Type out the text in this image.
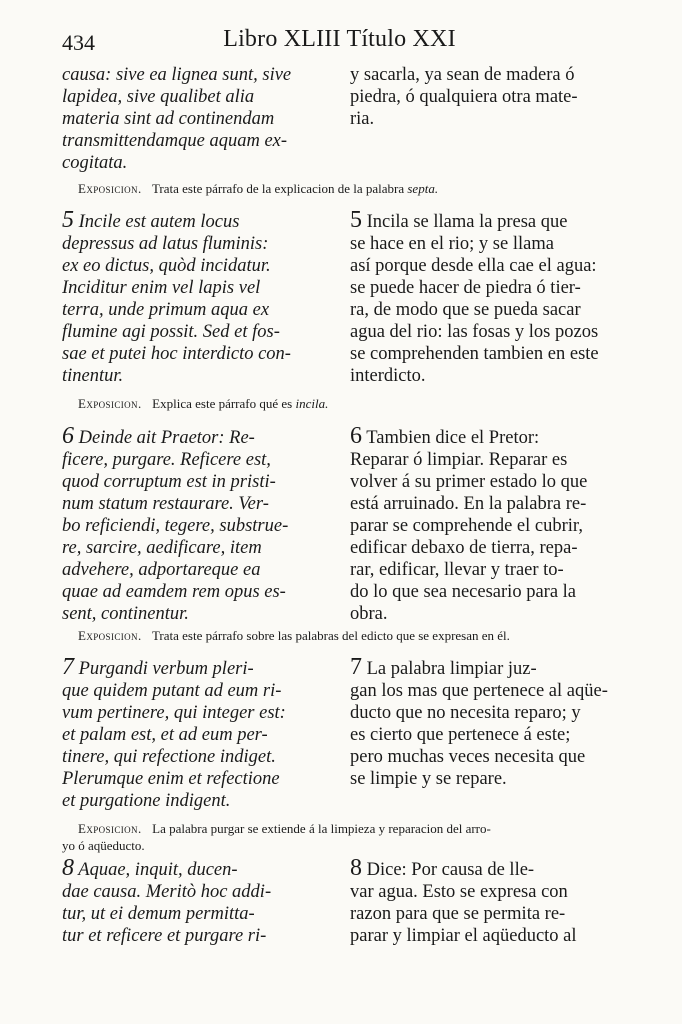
434	Libro XLIII Título XXI
causa: sive ea lignea sunt, sive
lapidea, sive qualibet alia
materia sint ad continendam
transmittendamque aquam ex-
cogitata.
y sacarla, ya sean de madera ó
piedra, ó qualquiera otra mate-
ria.
Exposicion. Trata este párrafo de la explicacion de la palabra septa.
5 Incile est autem locus
depressus ad latus fluminis:
ex eo dictus, quòd incidatur.
Inciditur enim vel lapis vel
terra, unde primum aqua ex
flumine agi possit. Sed et fos-
sae et putei hoc interdicto con-
tinentur.
5 Incila se llama la presa que
se hace en el rio; y se llama
así porque desde ella cae el agua:
se puede hacer de piedra ó tier-
ra, de modo que se pueda sacar
agua del rio: las fosas y los pozos
se comprehenden tambien en este
interdicto.
Exposicion. Explica este párrafo qué es incila.
6 Deinde ait Praetor: Re-
ficere, purgare. Reficere est,
quod corruptum est in pristi-
num statum restaurare. Ver-
bo reficiendi, tegere, substrue-
re, sarcire, aedificare, item
advehere, adportareque ea
quae ad eamdem rem opus es-
sent, continentur.
6 Tambien dice el Pretor:
Reparar ó limpiar. Reparar es
volver á su primer estado lo que
está arruinado. En la palabra re-
parar se comprehende el cubrir,
edificar debaxo de tierra, repa-
rar, edificar, llevar y traer to-
do lo que sea necesario para la
obra.
Exposicion. Trata este párrafo sobre las palabras del edicto que se expresan en él.
7 Purgandi verbum pleri-
que quidem putant ad eum ri-
vum pertinere, qui integer est:
et palam est, et ad eum per-
tinere, qui refectione indiget.
Plerumque enim et refectione
et purgatione indigent.
7 La palabra limpiar juz-
gan los mas que pertenece al aqüe-
ducto que no necesita reparo; y
es cierto que pertenece á este;
pero muchas veces necesita que
se limpie y se repare.
Exposicion. La palabra purgar se extiende á la limpieza y reparacion del arro-
yo ó aqüeducto.
8 Aquae, inquit, ducen-
dae causa. Meritò hoc addi-
tur, ut ei demum permitta-
tur et reficere et purgare ri-
8 Dice: Por causa de lle-
var agua. Esto se expresa con
razon para que se permita re-
parar y limpiar el aqüeducto al
